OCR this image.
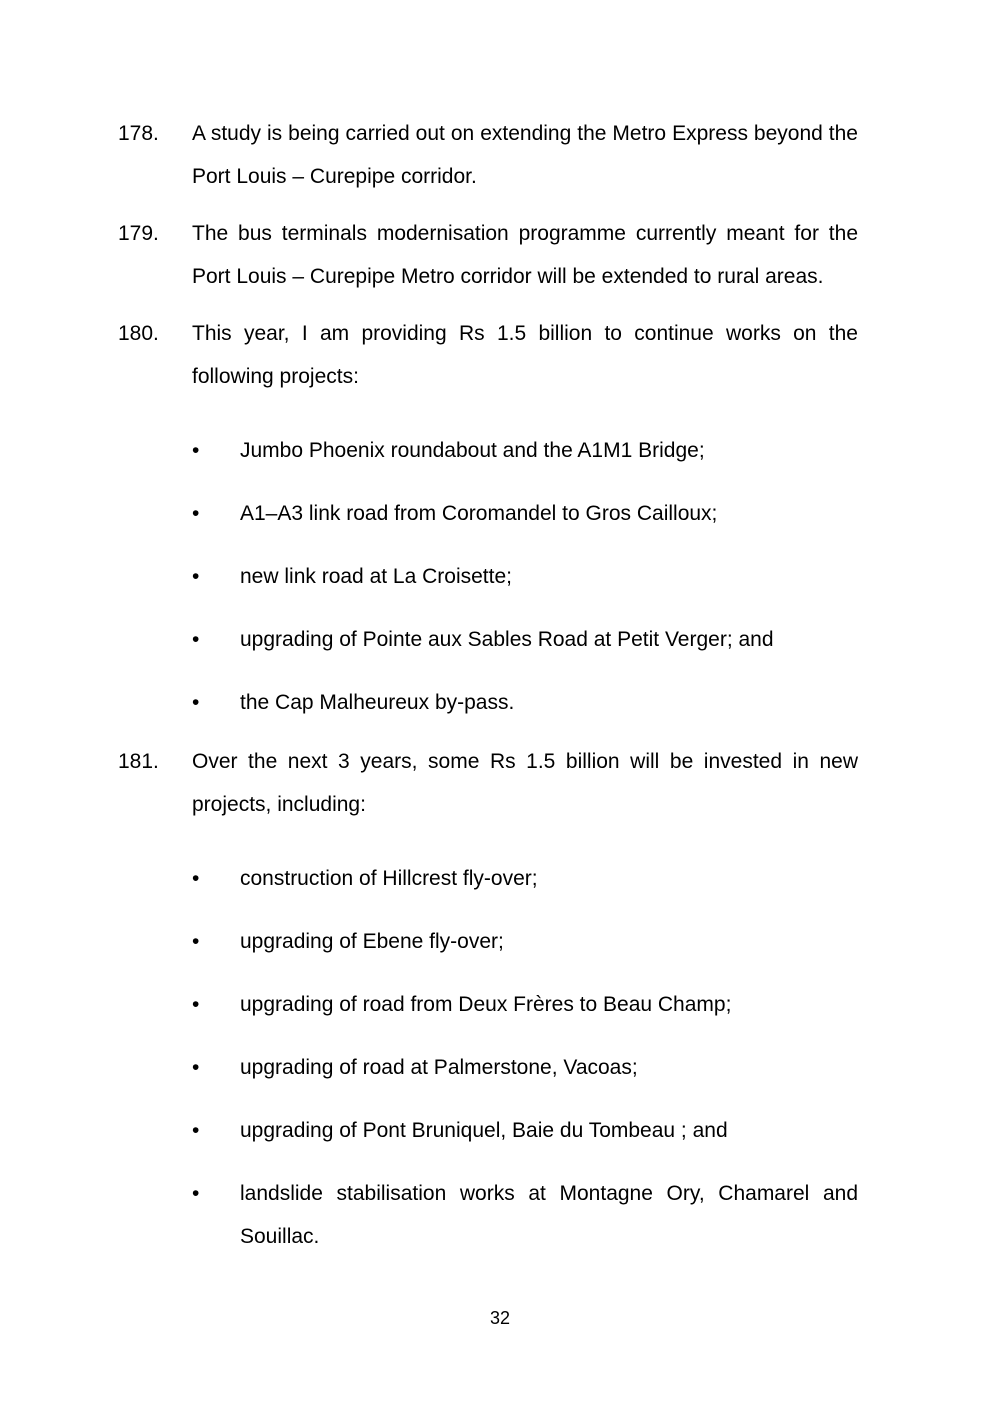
178.	A study is being carried out on extending the Metro Express beyond the Port Louis – Curepipe corridor.

179.	The bus terminals modernisation programme currently meant for the Port Louis – Curepipe Metro corridor will be extended to rural areas.

180.	This year, I am providing Rs 1.5 billion to continue works on the following projects:

•	Jumbo Phoenix roundabout and the A1M1 Bridge;
•	A1–A3 link road from Coromandel to Gros Cailloux;
•	new link road at La Croisette;
•	upgrading of Pointe aux Sables Road at Petit Verger; and
•	the Cap Malheureux by-pass.
181.	Over the next 3 years, some Rs 1.5 billion will be invested in new projects, including:

•	construction of Hillcrest fly-over;
•	upgrading of Ebene fly-over;
•	upgrading of road from Deux Frères to Beau Champ;
•	upgrading of road at Palmerstone, Vacoas;
•	upgrading of Pont Bruniquel, Baie du Tombeau ; and
•	landslide stabilisation works at Montagne Ory, Chamarel and Souillac.
32
